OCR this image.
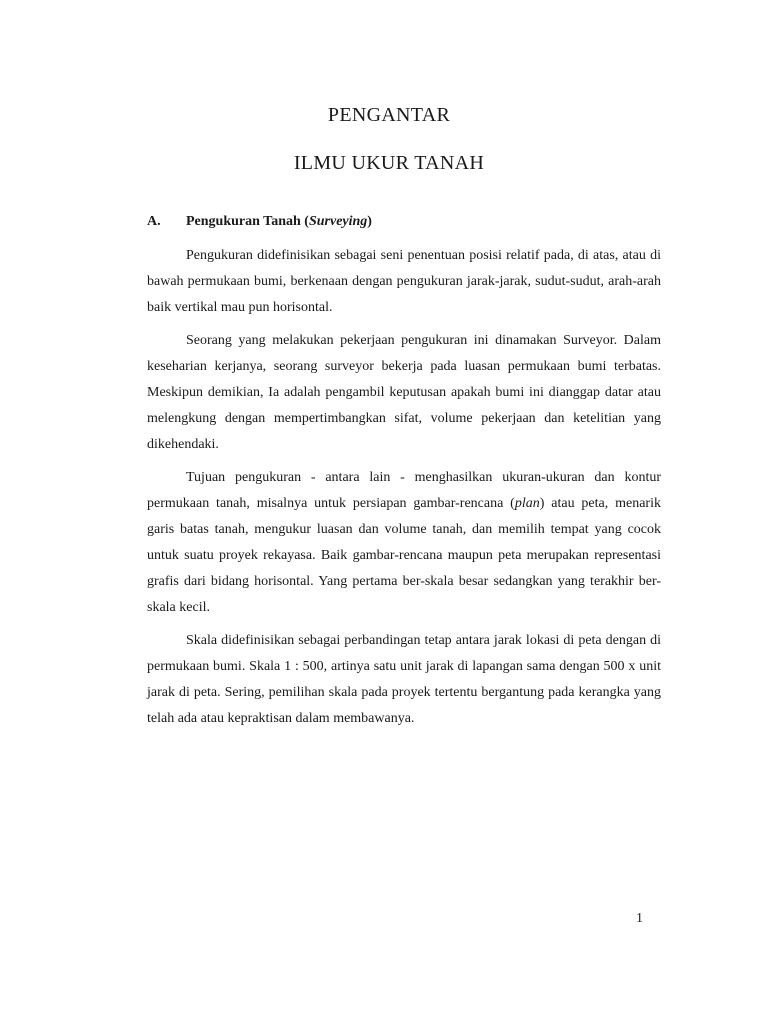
PENGANTAR
ILMU UKUR TANAH
A. Pengukuran Tanah (Surveying)

Pengukuran didefinisikan sebagai seni penentuan posisi relatif pada, di atas, atau di bawah permukaan bumi, berkenaan dengan pengukuran jarak-jarak, sudut-sudut, arah-arah baik vertikal mau pun horisontal.

Seorang yang melakukan pekerjaan pengukuran ini dinamakan Surveyor. Dalam keseharian kerjanya, seorang surveyor bekerja pada luasan permukaan bumi terbatas. Meskipun demikian, Ia adalah pengambil keputusan apakah bumi ini dianggap datar atau melengkung dengan mempertimbangkan sifat, volume pekerjaan dan ketelitian yang dikehendaki.

Tujuan pengukuran - antara lain - menghasilkan ukuran-ukuran dan kontur permukaan tanah, misalnya untuk persiapan gambar-rencana (plan) atau peta, menarik garis batas tanah, mengukur luasan dan volume tanah, dan memilih tempat yang cocok untuk suatu proyek rekayasa. Baik gambar-rencana maupun peta merupakan representasi grafis dari bidang horisontal. Yang pertama ber-skala besar sedangkan yang terakhir ber-skala kecil.

Skala didefinisikan sebagai perbandingan tetap antara jarak lokasi di peta dengan di permukaan bumi. Skala 1 : 500, artinya satu unit jarak di lapangan sama dengan 500 x unit jarak di peta. Sering, pemilihan skala pada proyek tertentu bergantung pada kerangka yang telah ada atau kepraktisan dalam membawanya.

1
